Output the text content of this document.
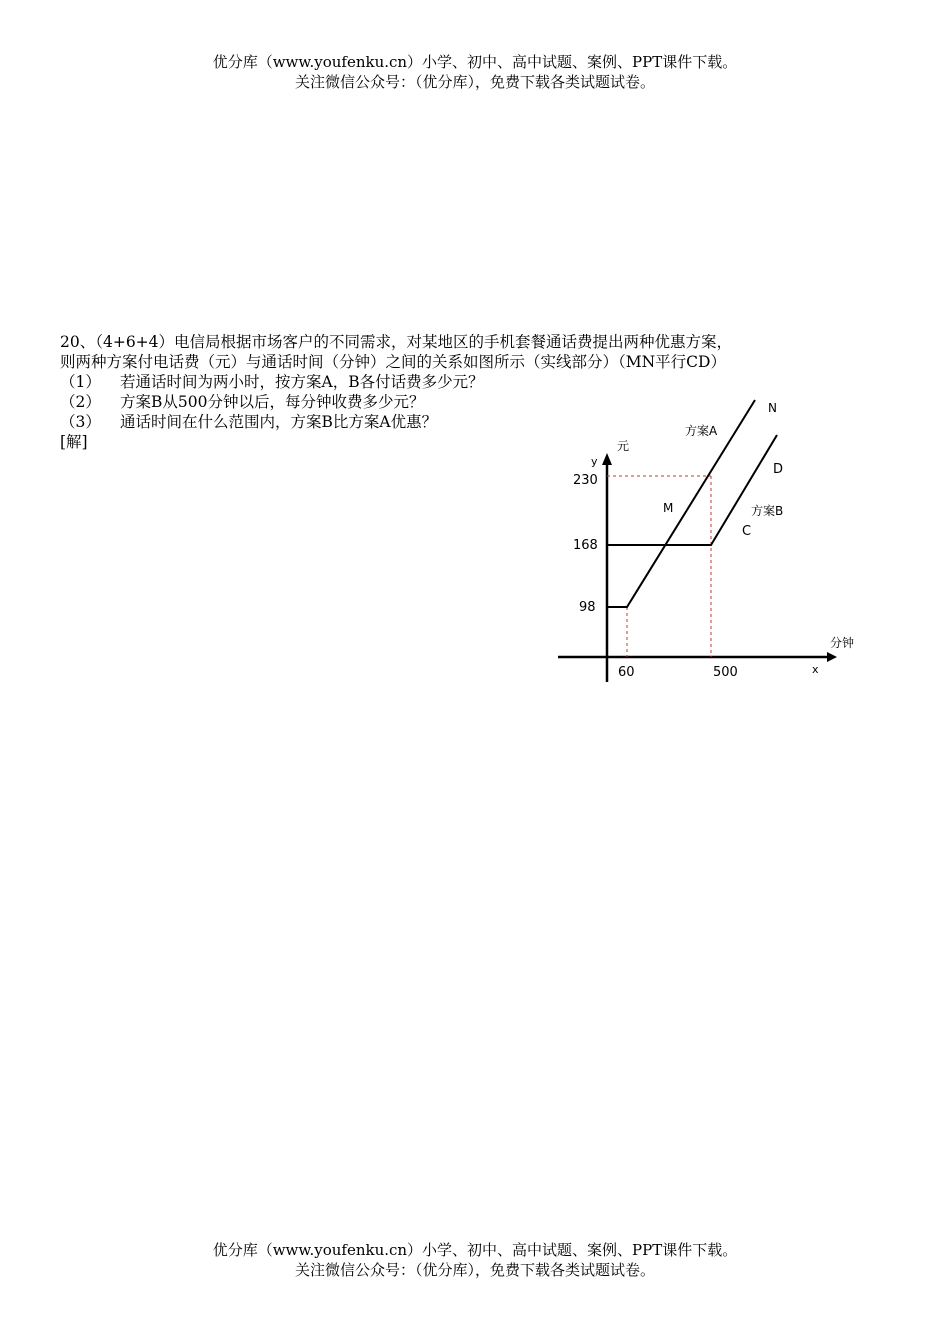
优分库（www.youfenku.cn）小学、初中、高中试题、案例、PPT课件下载。
关注微信公众号：（优分库），免费下载各类试题试卷。
20、（4+6+4）电信局根据市场客户的不同需求，对某地区的手机套餐通话费提出两种优惠方案，
则两种方案付电话费（元）与通话时间（分钟）之间的关系如图所示（实线部分）（MN平行CD）
（1） 若通话时间为两小时，按方案A，B各付话费多少元？
（2） 方案B从500分钟以后，每分钟收费多少元？
（3） 通话时间在什么范围内，方案B比方案A优惠？
[解]
230
168
98
60	500
元
y
分钟
x
方案A
N
D
M	方案B
C
优分库（www.youfenku.cn）小学、初中、高中试题、案例、PPT课件下载。
关注微信公众号：（优分库），免费下载各类试题试卷。
